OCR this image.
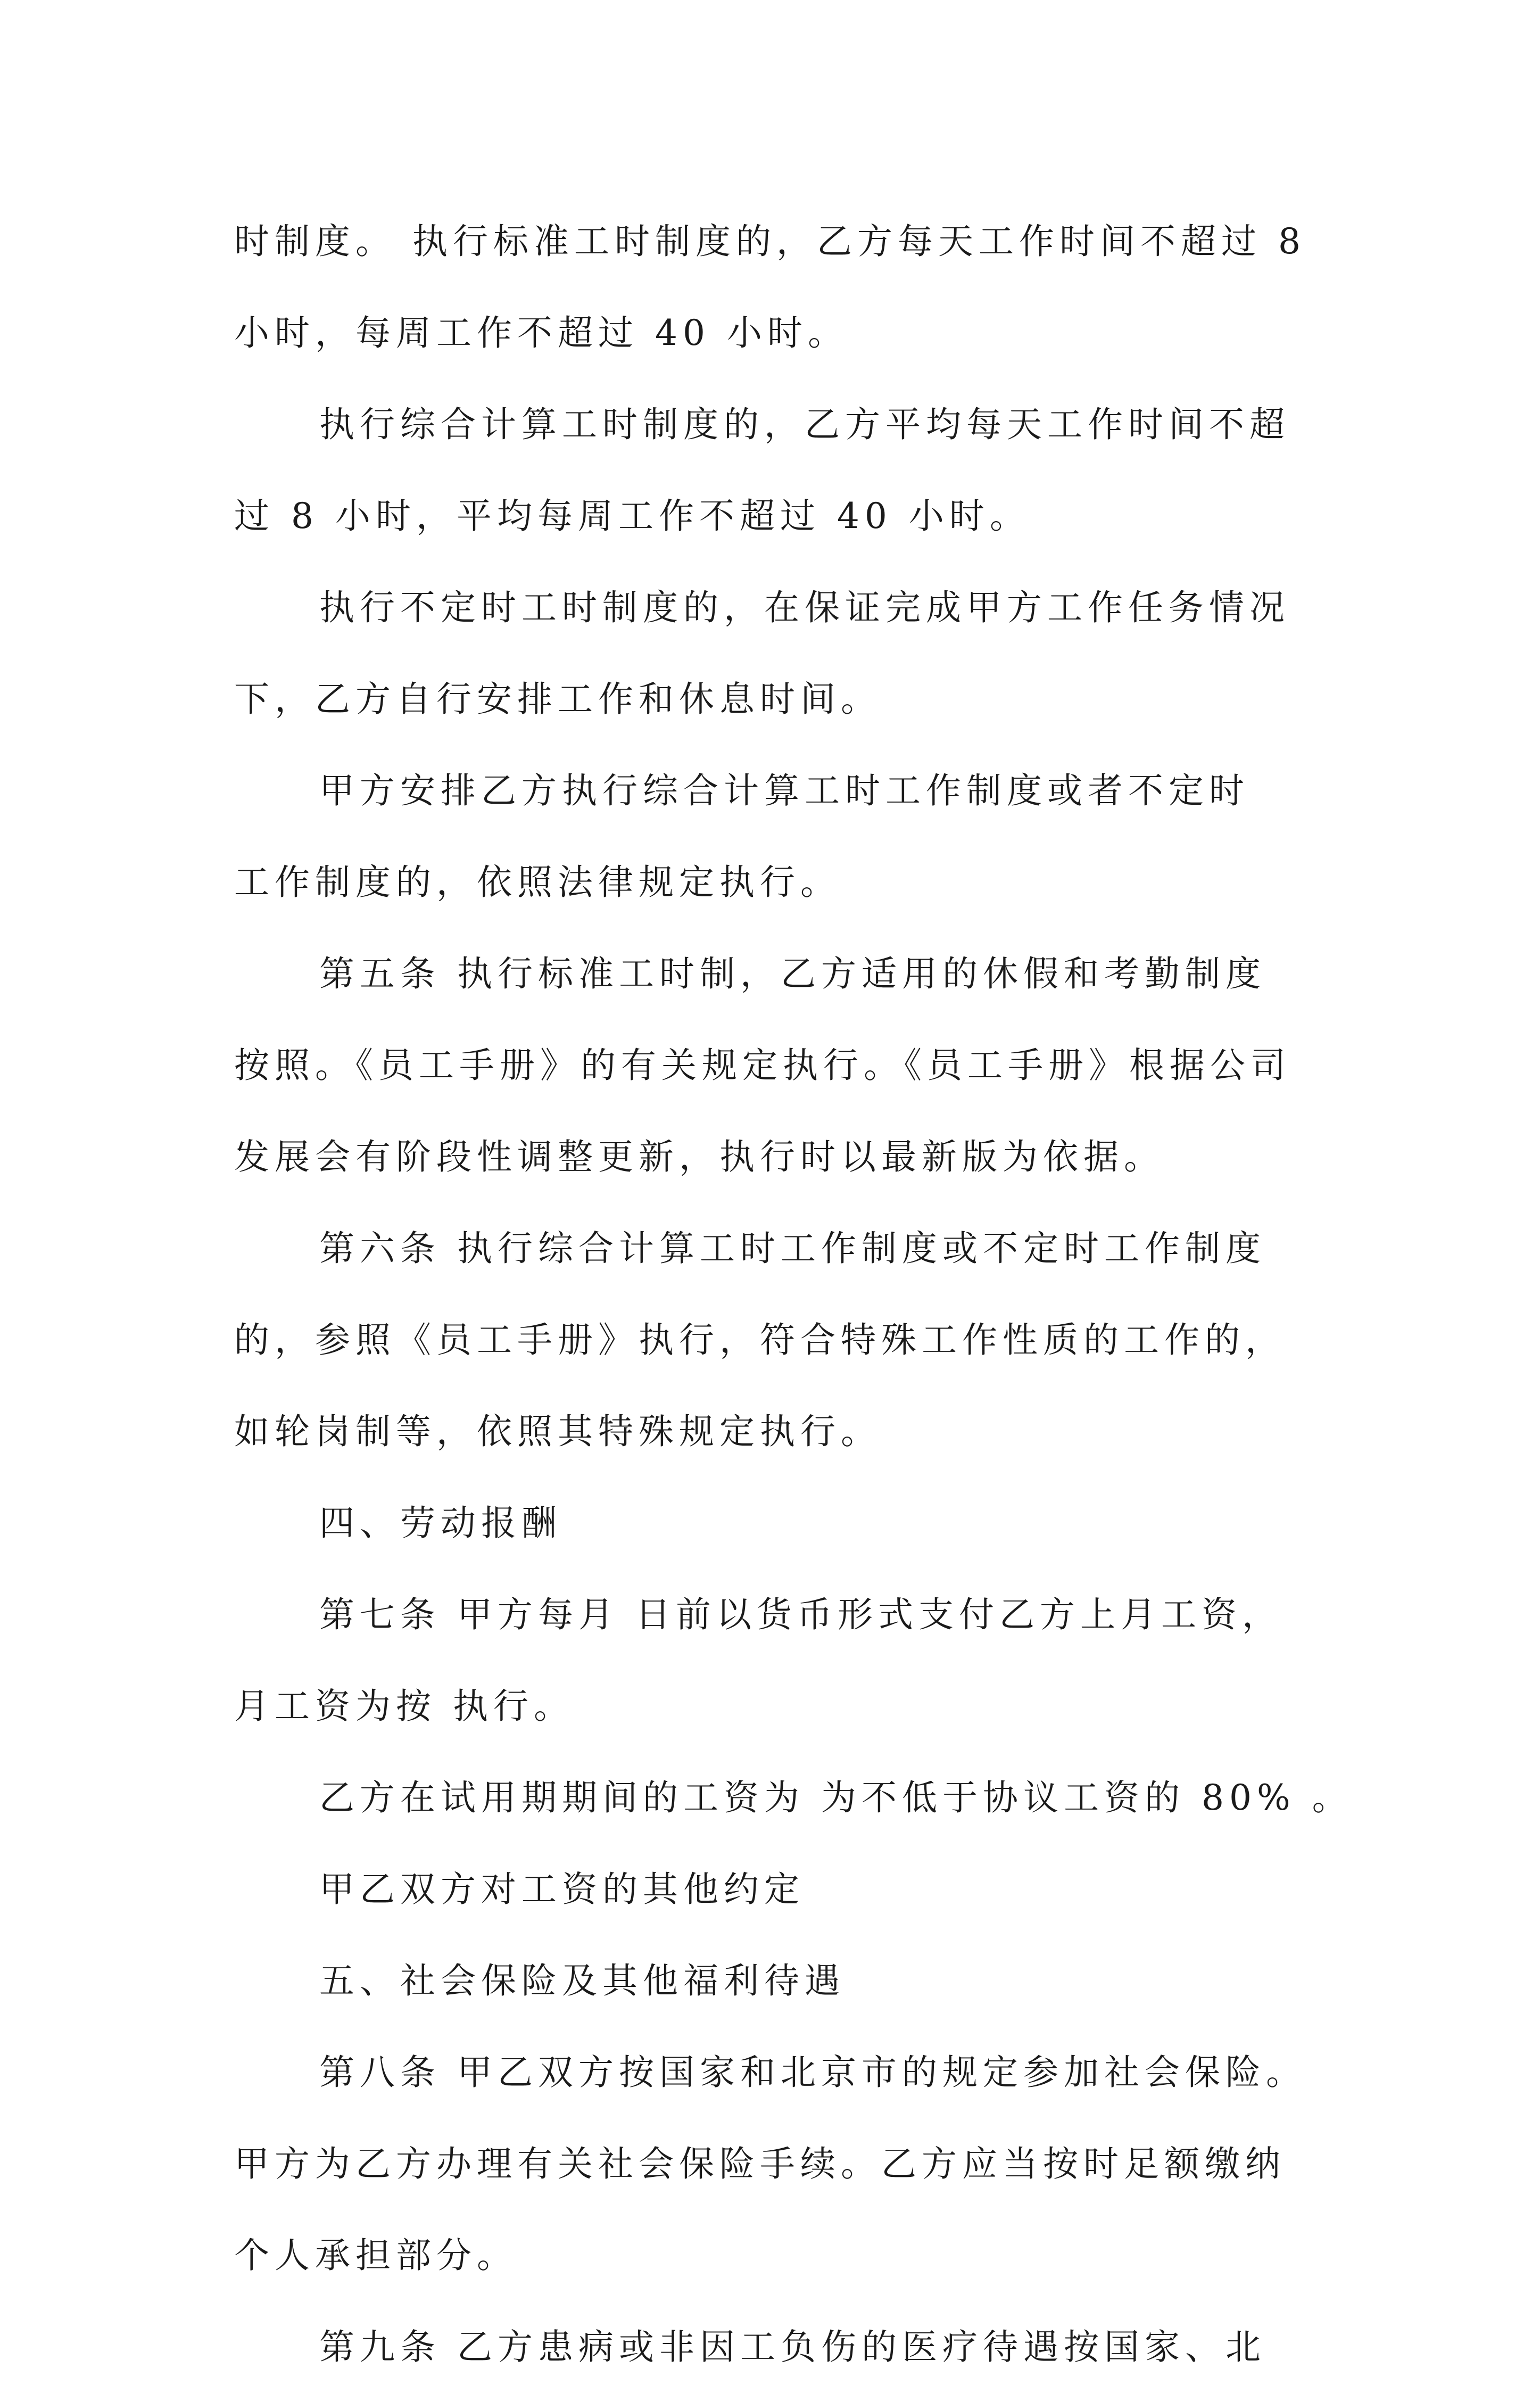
时制度。 执行标准工时制度的，乙方每天工作时间不超过 8
小时，每周工作不超过 40 小时。
执行综合计算工时制度的，乙方平均每天工作时间不超
过 8 小时，平均每周工作不超过 40 小时。
执行不定时工时制度的，在保证完成甲方工作任务情况
下，乙方自行安排工作和休息时间。
甲方安排乙方执行综合计算工时工作制度或者不定时
工作制度的，依照法律规定执行。
第五条 执行标准工时制，乙方适用的休假和考勤制度
按照。《员工手册》的有关规定执行。《员工手册》根据公司
发展会有阶段性调整更新，执行时以最新版为依据。
第六条 执行综合计算工时工作制度或不定时工作制度
的，参照《员工手册》执行，符合特殊工作性质的工作的，
如轮岗制等，依照其特殊规定执行。
四、劳动报酬
第七条 甲方每月 日前以货币形式支付乙方上月工资，
月工资为按 执行。
乙方在试用期期间的工资为 为不低于协议工资的 80% 。
甲乙双方对工资的其他约定
五、社会保险及其他福利待遇
第八条 甲乙双方按国家和北京市的规定参加社会保险。
甲方为乙方办理有关社会保险手续。乙方应当按时足额缴纳
个人承担部分。
第九条 乙方患病或非因工负伤的医疗待遇按国家、北
